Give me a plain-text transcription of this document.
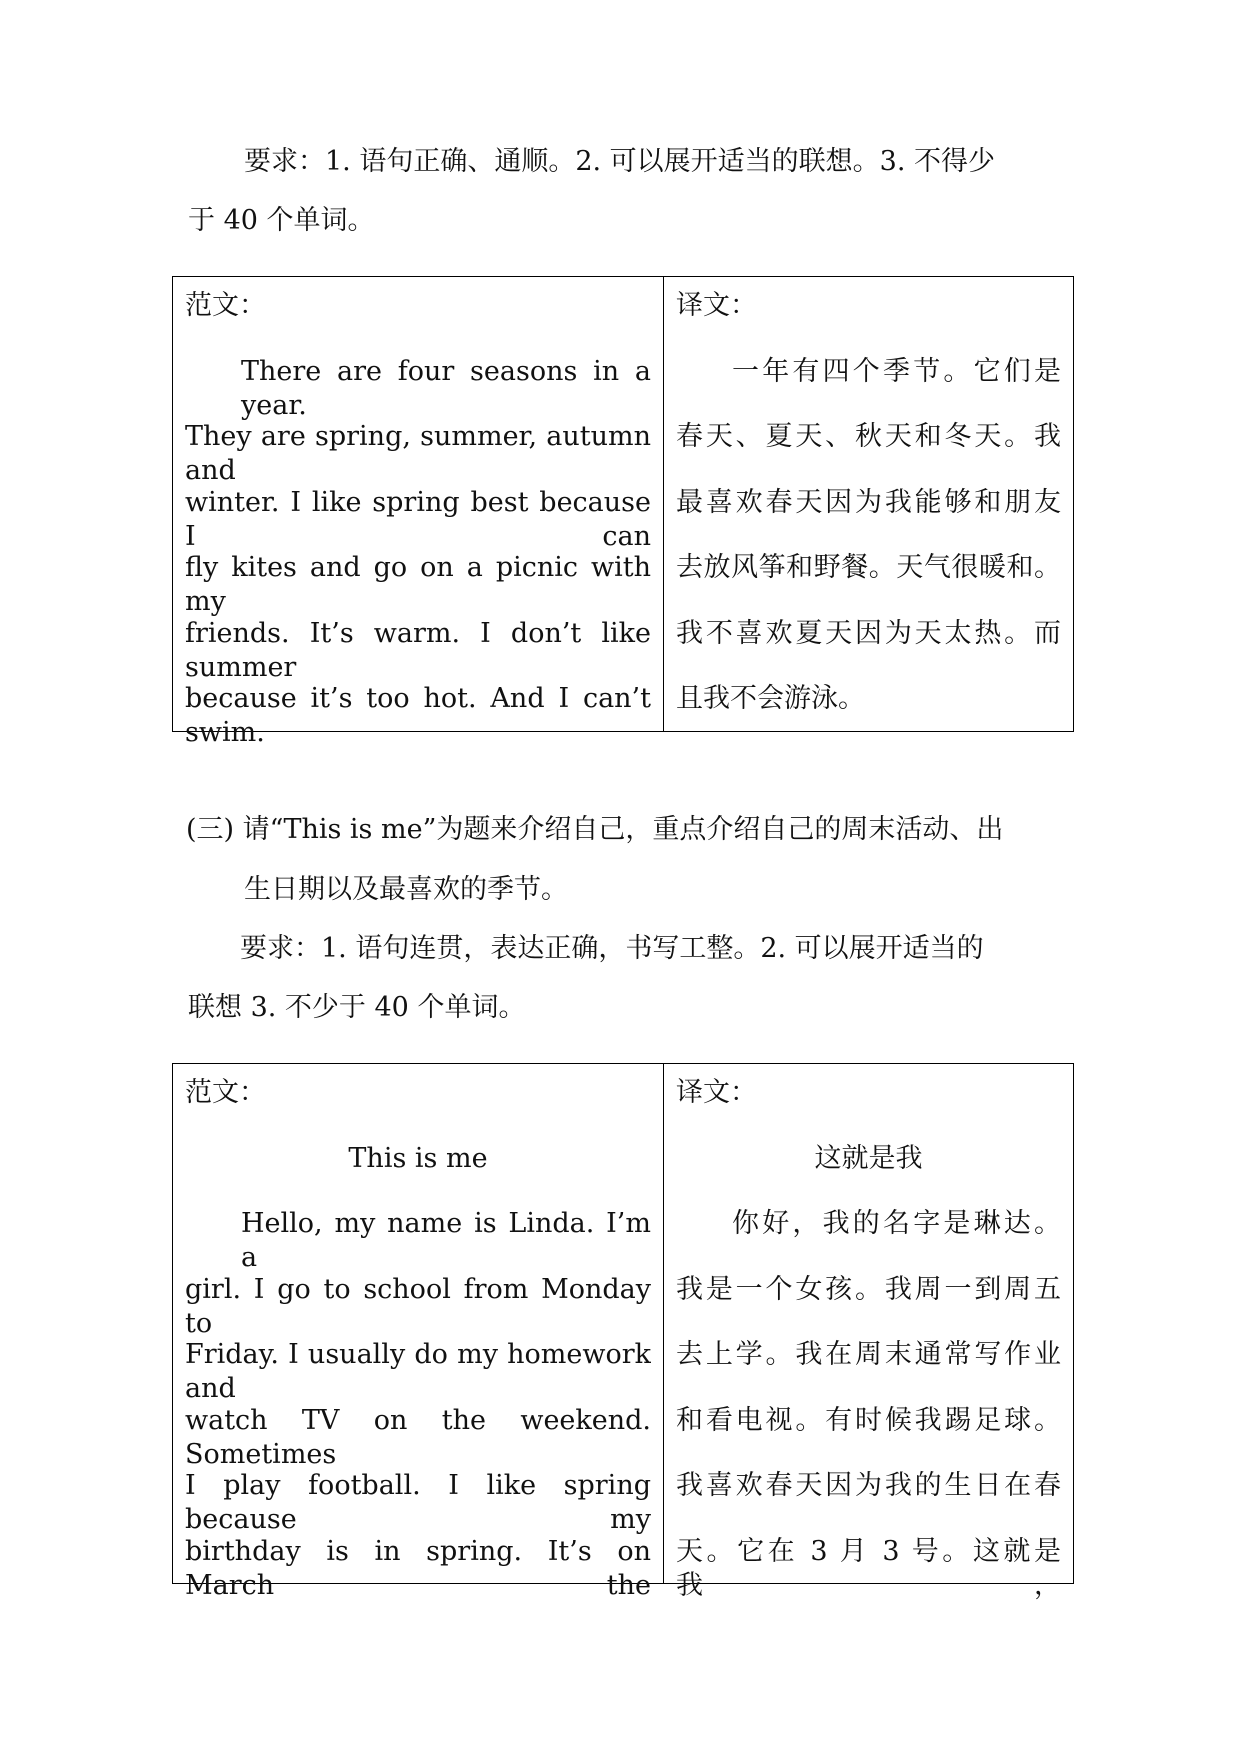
要求：1. 语句正确、通顺。2. 可以展开适当的联想。3. 不得少
于 40 个单词。
范文：
There are four seasons in a year.
They are spring, summer, autumn and
winter. I like spring best because I can
fly kites and go on a picnic with my
friends. It’s warm. I don’t like summer
because it’s too hot. And I can’t swim.
译文：
一年有四个季节。它们是
春天、夏天、秋天和冬天。我
最喜欢春天因为我能够和朋友
去放风筝和野餐。天气很暖和。
我不喜欢夏天因为天太热。而
且我不会游泳。
(三) 请“This is me”为题来介绍自己，重点介绍自己的周末活动、出
生日期以及最喜欢的季节。
要求：1. 语句连贯，表达正确，书写工整。2. 可以展开适当的
联想 3. 不少于 40 个单词。
范文：
This is me
Hello, my name is Linda. I’m a
girl. I go to school from Monday to
Friday. I usually do my homework and
watch TV on the weekend. Sometimes
I play football. I like spring because my
birthday is in spring. It’s on March the
译文：
这就是我
你好，我的名字是琳达。
我是一个女孩。我周一到周五
去上学。我在周末通常写作业
和看电视。有时候我踢足球。
我喜欢春天因为我的生日在春
天。它在 3 月 3 号。这就是我，
